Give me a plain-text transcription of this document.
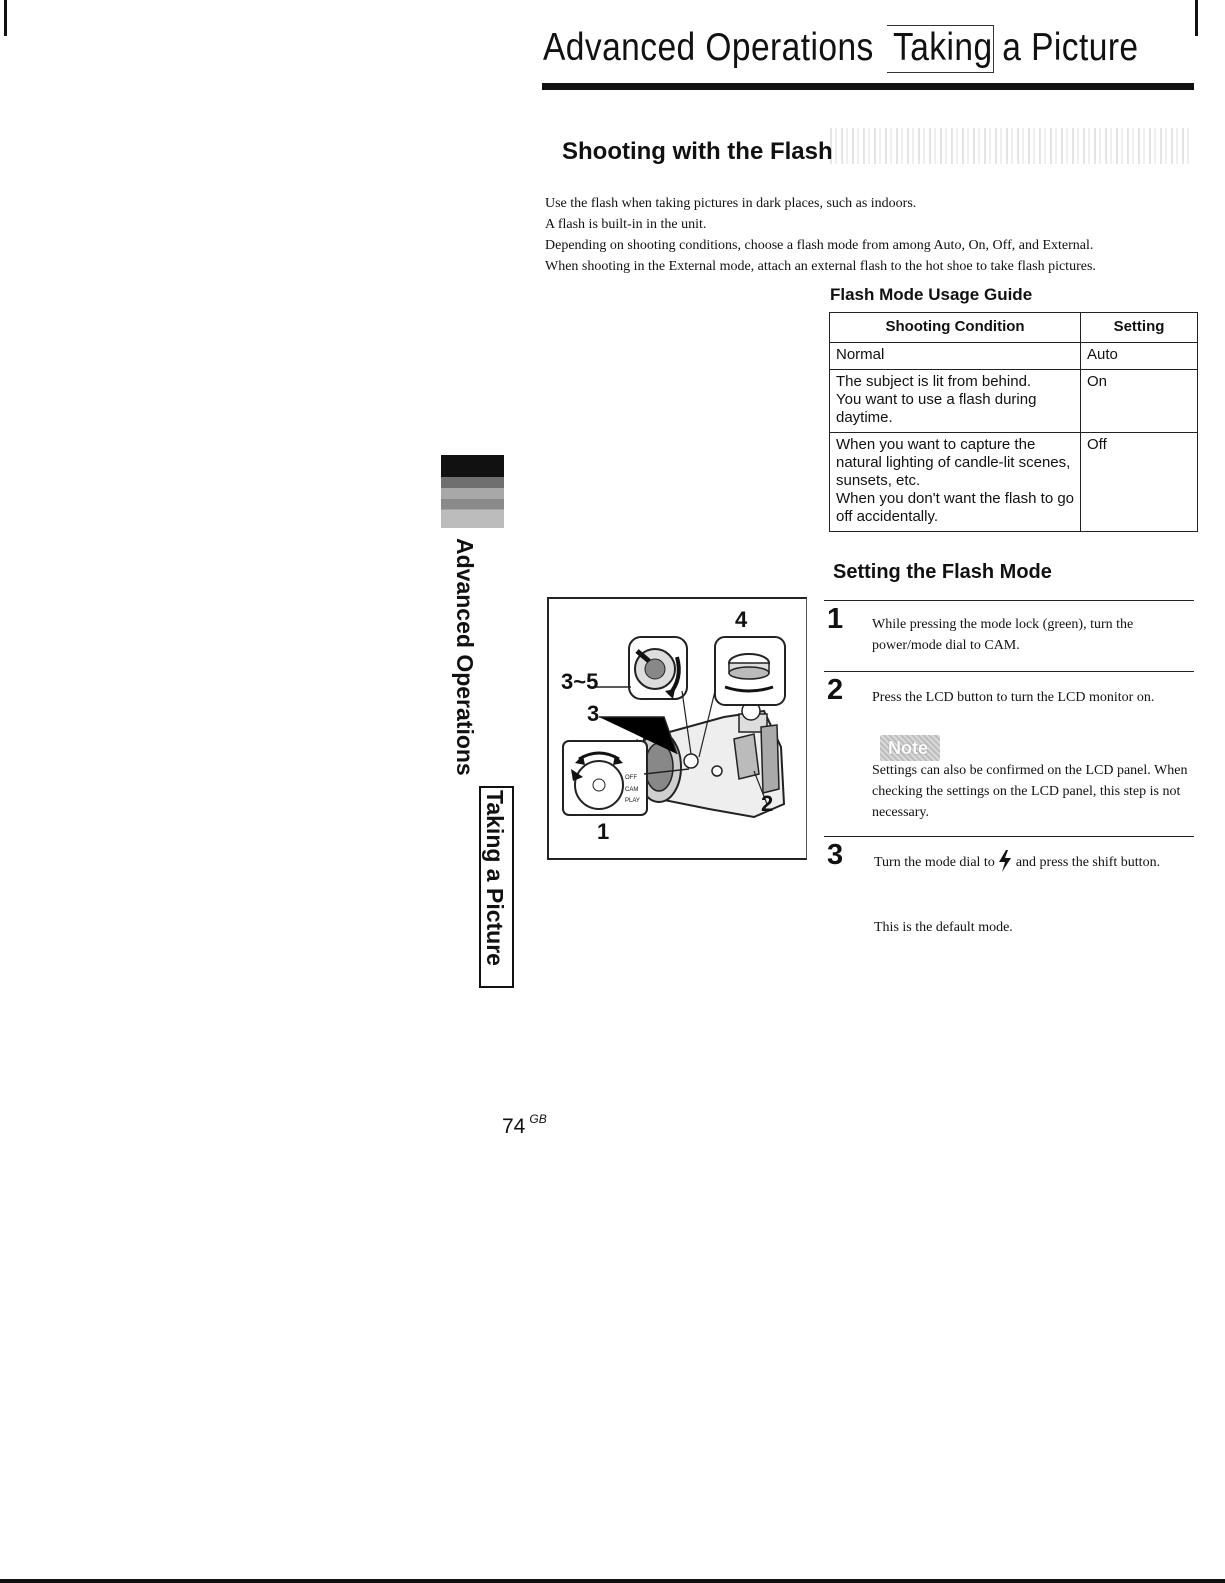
Advanced Operations Taking a Picture
Shooting with the Flash

Use the flash when taking pictures in dark places, such as indoors.

A flash is built-in in the unit.

Depending on shooting conditions, choose a flash mode from among Auto, On, Off, and External.

When shooting in the External mode, attach an external flash to the hot shoe to take flash pictures.

Flash Mode Usage Guide
Shooting Condition	Setting

Normal	Auto

The subject is lit from behind.
You want to use a flash during daytime.	On

When you want to capture the natural lighting of candle-lit scenes, sunsets, etc.
When you don't want the flash to go off accidentally.	Off
Setting the Flash Mode
1 While pressing the mode lock (green), turn the power/mode dial to CAM.
2 Press the LCD button to turn the LCD monitor on.
Note
Settings can also be confirmed on the LCD panel. When checking the settings on the LCD panel, this step is not necessary.
3 Turn the mode dial to and press the shift button.
This is the default mode.
Advanced Operations
Taking a Picture
OFF
CAM
PLAY
4
3~5
3
2
1
74 $^{GB}$
